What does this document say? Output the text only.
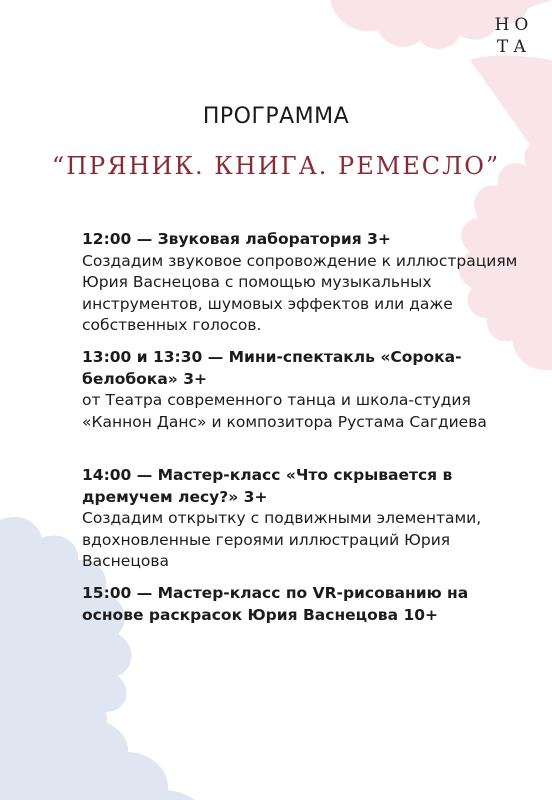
НО
ТА
ПРОГРАММА
“ПРЯНИК. КНИГА. РЕМЕСЛО”
12:00 — Звуковая лаборатория 3+
Создадим звуковое сопровождение к иллюстрациям Юрия Васнецова с помощью музыкальных инструментов, шумовых эффектов или даже собственных голосов.
13:00 и 13:30 — Мини-спектакль «Сорока-белобока» 3+
от Театра современного танца и школа-студия «Каннон Данс» и композитора Рустама Сагдиева
14:00 — Мастер-класс «Что скрывается в дремучем лесу?» 3+
Создадим открытку с подвижными элементами, вдохновленные героями иллюстраций Юрия Васнецова
15:00 — Мастер-класс по VR-рисованию на основе раскрасок Юрия Васнецова 10+
